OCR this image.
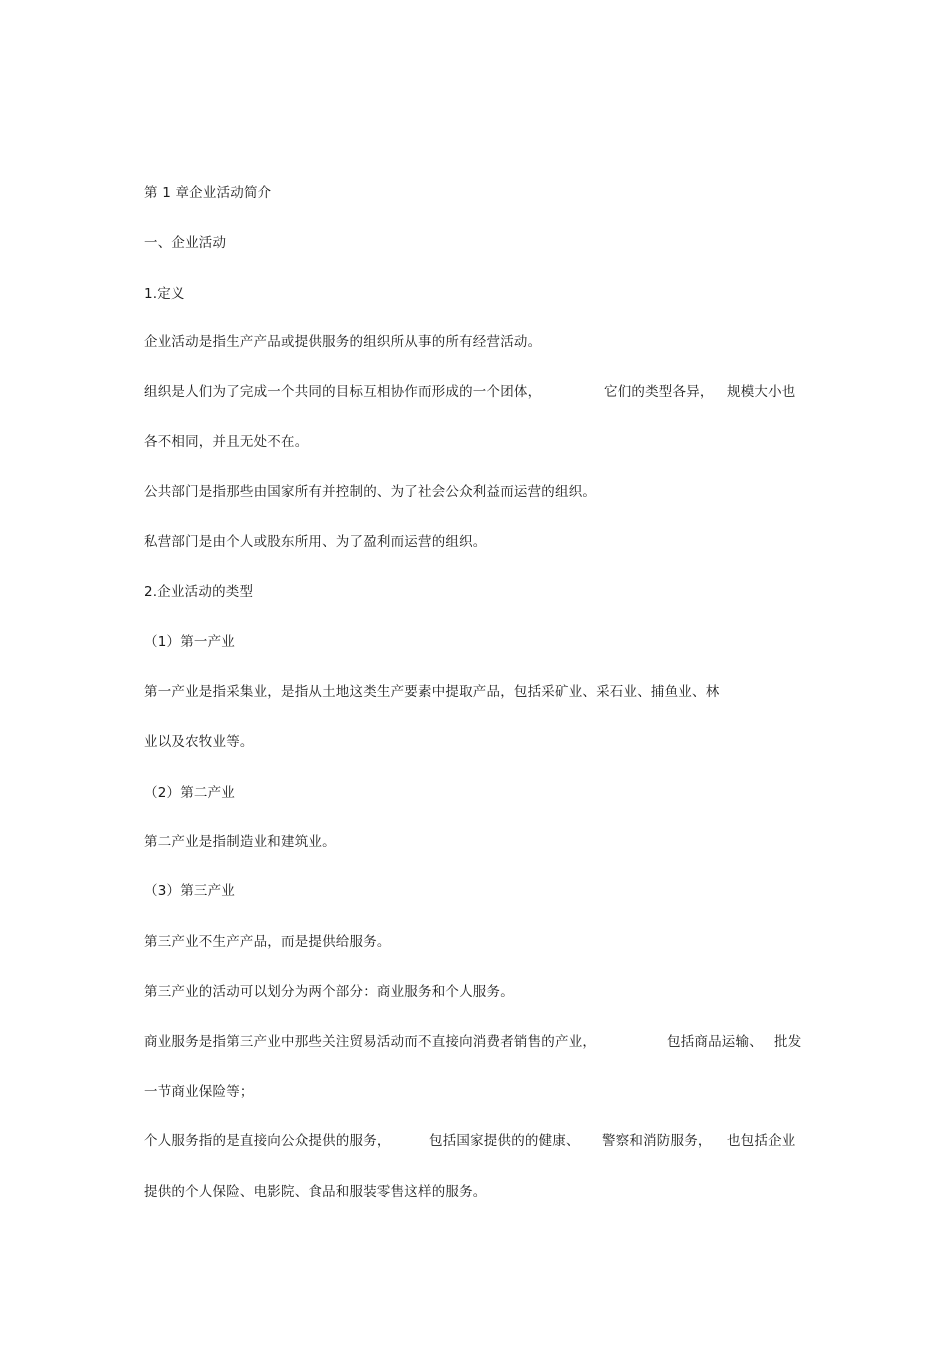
第 1 章企业活动简介
一、企业活动
1.定义
企业活动是指生产产品或提供服务的组织所从事的所有经营活动。
组织是人们为了完成一个共同的目标互相协作而形成的一个团体，	它们的类型各异， 规模大小也
各不相同，并且无处不在。
公共部门是指那些由国家所有并控制的、为了社会公众利益而运营的组织。
私营部门是由个人或股东所用、为了盈利而运营的组织。
2.企业活动的类型
（1）第一产业
第一产业是指采集业，是指从土地这类生产要素中提取产品，包括采矿业、采石业、捕鱼业、林
业以及农牧业等。
（2）第二产业
第二产业是指制造业和建筑业。
（3）第三产业
第三产业不生产产品，而是提供给服务。
第三产业的活动可以划分为两个部分：商业服务和个人服务。
商业服务是指第三产业中那些关注贸易活动而不直接向消费者销售的产业，	包括商品运输、 批发
一节商业保险等；
个人服务指的是直接向公众提供的服务，	包括国家提供的的健康、 警察和消防服务， 也包括企业
提供的个人保险、电影院、食品和服装零售这样的服务。
